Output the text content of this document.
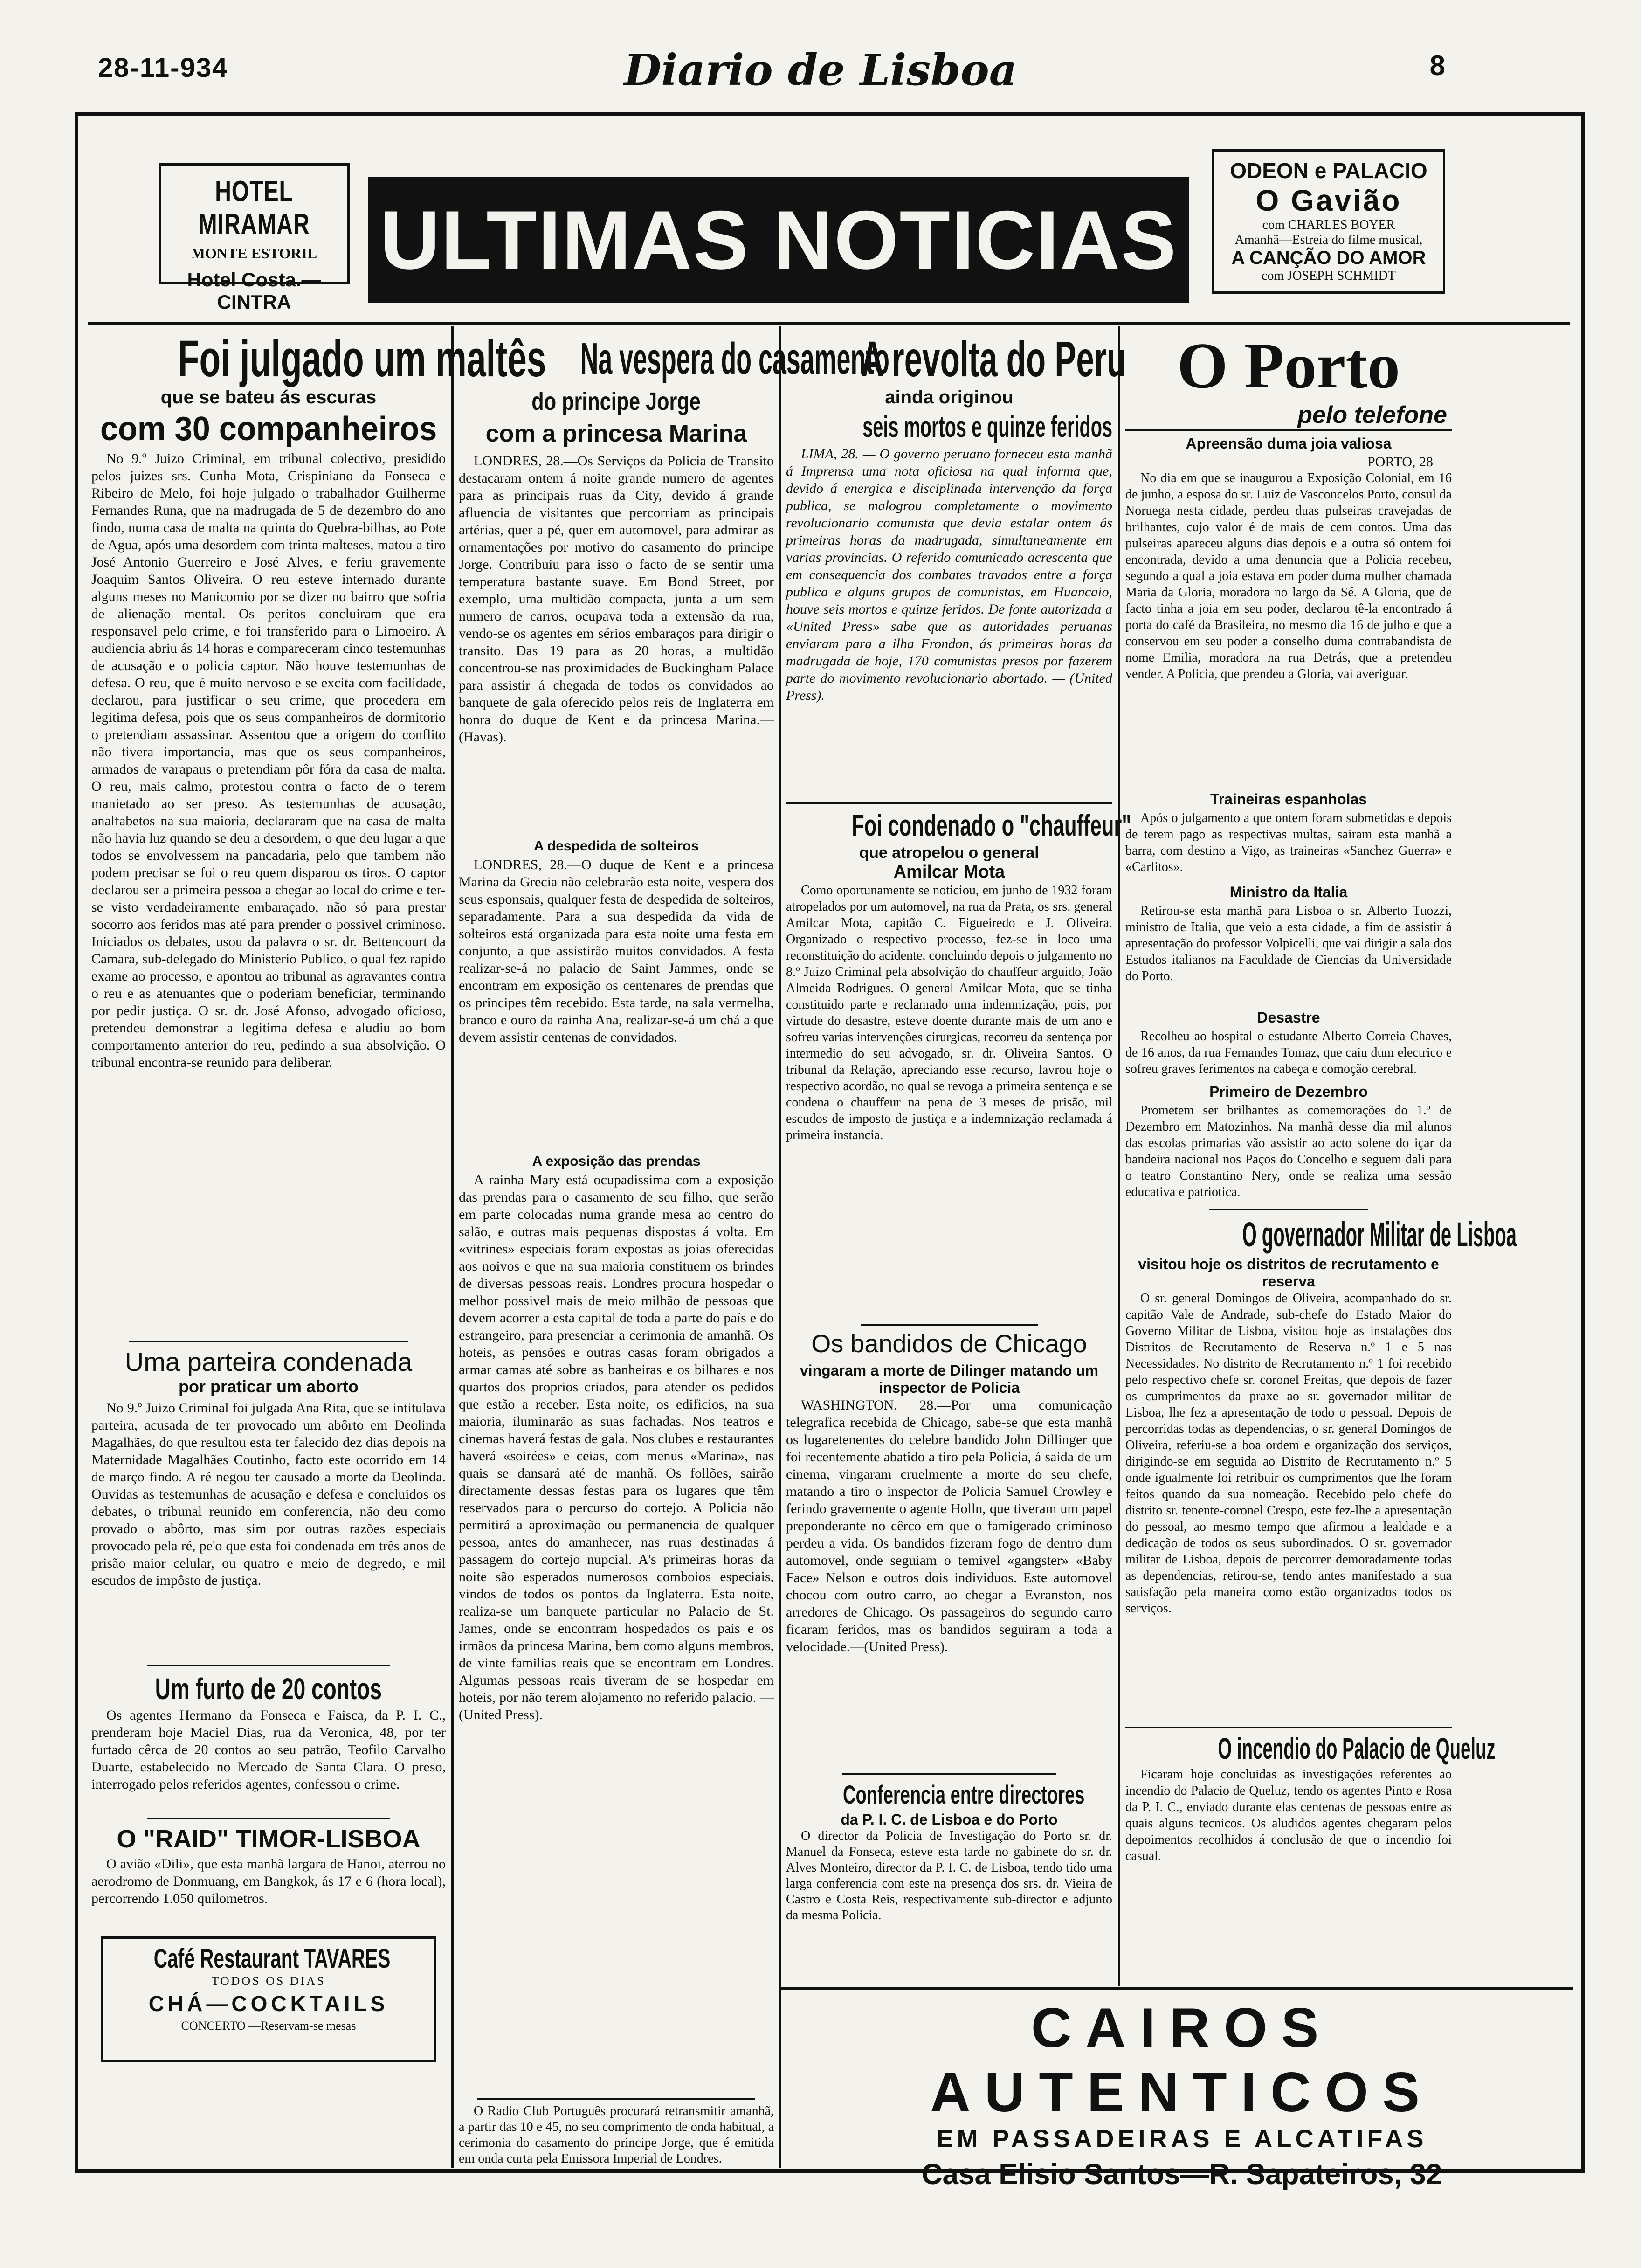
28-11-934	Diario de Lisboa	8
HOTEL MIRAMAR
MONTE ESTORIL
Hotel Costa.—CINTRA
ULTIMAS NOTICIAS
ODEON e PALACIO
O Gavião
com CHARLES BOYER
Amanhã—Estreia do filme musical,
A CANÇÃO DO AMOR
com JOSEPH SCHMIDT
Foi julgado um maltês
que se bateu ás escuras
com 30 companheiros
No 9.º Juizo Criminal, em tribunal colectivo, presidido pelos juizes srs. Cunha Mota, Crispiniano da Fonseca e Ribeiro de Melo, foi hoje julgado o trabalhador Guilherme Fernandes Runa, que na madrugada de 5 de dezembro do ano findo, numa casa de malta na quinta do Quebra-bilhas, ao Pote de Agua, após uma desordem com trinta malteses, matou a tiro José Antonio Guerreiro e José Alves, e feriu gravemente Joaquim Santos Oliveira. O reu esteve internado durante alguns meses no Manicomio por se dizer no bairro que sofria de alienação mental. Os peritos concluiram que era responsavel pelo crime, e foi transferido para o Limoeiro. A audiencia abriu ás 14 horas e compareceram cinco testemunhas de acusação e o policia captor. Não houve testemunhas de defesa. O reu, que é muito nervoso e se excita com facilidade, declarou, para justificar o seu crime, que procedera em legitima defesa, pois que os seus companheiros de dormitorio o pretendiam assassinar. Assentou que a origem do conflito não tivera importancia, mas que os seus companheiros, armados de varapaus o pretendiam pôr fóra da casa de malta. O reu, mais calmo, protestou contra o facto de o terem manietado ao ser preso. As testemunhas de acusação, analfabetos na sua maioria, declararam que na casa de malta não havia luz quando se deu a desordem, o que deu lugar a que todos se envolvessem na pancadaria, pelo que tambem não podem precisar se foi o reu quem disparou os tiros. O captor declarou ser a primeira pessoa a chegar ao local do crime e ter-se visto verdadeiramente embaraçado, não só para prestar socorro aos feridos mas até para prender o possivel criminoso. Iniciados os debates, usou da palavra o sr. dr. Bettencourt da Camara, sub-delegado do Ministerio Publico, o qual fez rapido exame ao processo, e apontou ao tribunal as agravantes contra o reu e as atenuantes que o poderiam beneficiar, terminando por pedir justiça. O sr. dr. José Afonso, advogado oficioso, pretendeu demonstrar a legitima defesa e aludiu ao bom comportamento anterior do reu, pedindo a sua absolvição. O tribunal encontra-se reunido para deliberar.
Uma parteira condenada
por praticar um aborto
No 9.º Juizo Criminal foi julgada Ana Rita, que se intitulava parteira, acusada de ter provocado um abôrto em Deolinda Magalhães, do que resultou esta ter falecido dez dias depois na Maternidade Magalhães Coutinho, facto este ocorrido em 14 de março findo. A ré negou ter causado a morte da Deolinda. Ouvidas as testemunhas de acusação e defesa e concluidos os debates, o tribunal reunido em conferencia, não deu como provado o abôrto, mas sim por outras razões especiais provocado pela ré, pe'o que esta foi condenada em três anos de prisão maior celular, ou quatro e meio de degredo, e mil escudos de impôsto de justiça.
Um furto de 20 contos
Os agentes Hermano da Fonseca e Faisca, da P. I. C., prenderam hoje Maciel Dias, rua da Veronica, 48, por ter furtado cêrca de 20 contos ao seu patrão, Teofilo Carvalho Duarte, estabelecido no Mercado de Santa Clara. O preso, interrogado pelos referidos agentes, confessou o crime.
O "RAID" TIMOR-LISBOA
O avião «Dili», que esta manhã largara de Hanoi, aterrou no aerodromo de Donmuang, em Bangkok, ás 17 e 6 (hora local), percorrendo 1.050 quilometros.
Café Restaurant TAVARES
TODOS OS DIAS
CHÁ—COCKTAILS
CONCERTO —Reservam-se mesas
Na vespera do casamento
do principe Jorge
com a princesa Marina
LONDRES, 28.—Os Serviços da Policia de Transito destacaram ontem á noite grande numero de agentes para as principais ruas da City, devido á grande afluencia de visitantes que percorriam as principais artérias, quer a pé, quer em automovel, para admirar as ornamentações por motivo do casamento do principe Jorge. Contribuiu para isso o facto de se sentir uma temperatura bastante suave. Em Bond Street, por exemplo, uma multidão compacta, junta a um sem numero de carros, ocupava toda a extensão da rua, vendo-se os agentes em sérios embaraços para dirigir o transito. Das 19 para as 20 horas, a multidão concentrou-se nas proximidades de Buckingham Palace para assistir á chegada de todos os convidados ao banquete de gala oferecido pelos reis de Inglaterra em honra do duque de Kent e da princesa Marina.—(Havas).
A despedida de solteiros
LONDRES, 28.—O duque de Kent e a princesa Marina da Grecia não celebrarão esta noite, vespera dos seus esponsais, qualquer festa de despedida de solteiros, separadamente. Para a sua despedida da vida de solteiros está organizada para esta noite uma festa em conjunto, a que assistirão muitos convidados. A festa realizar-se-á no palacio de Saint Jammes, onde se encontram em exposição os centenares de prendas que os principes têm recebido. Esta tarde, na sala vermelha, branco e ouro da rainha Ana, realizar-se-á um chá a que devem assistir centenas de convidados.
A exposição das prendas
A rainha Mary está ocupadissima com a exposição das prendas para o casamento de seu filho, que serão em parte colocadas numa grande mesa ao centro do salão, e outras mais pequenas dispostas á volta. Em «vitrines» especiais foram expostas as joias oferecidas aos noivos e que na sua maioria constituem os brindes de diversas pessoas reais. Londres procura hospedar o melhor possivel mais de meio milhão de pessoas que devem acorrer a esta capital de toda a parte do país e do estrangeiro, para presenciar a cerimonia de amanhã. Os hoteis, as pensões e outras casas foram obrigados a armar camas até sobre as banheiras e os bilhares e nos quartos dos proprios criados, para atender os pedidos que estão a receber. Esta noite, os edificios, na sua maioria, iluminarão as suas fachadas. Nos teatros e cinemas haverá festas de gala. Nos clubes e restaurantes haverá «soirées» e ceias, com menus «Marina», nas quais se dansará até de manhã. Os follões, sairão directamente dessas festas para os lugares que têm reservados para o percurso do cortejo. A Policia não permitirá a aproximação ou permanencia de qualquer pessoa, antes do amanhecer, nas ruas destinadas á passagem do cortejo nupcial. A's primeiras horas da noite são esperados numerosos comboios especiais, vindos de todos os pontos da Inglaterra. Esta noite, realiza-se um banquete particular no Palacio de St. James, onde se encontram hospedados os pais e os irmãos da princesa Marina, bem como alguns membros, de vinte familias reais que se encontram em Londres. Algumas pessoas reais tiveram de se hospedar em hoteis, por não terem alojamento no referido palacio. — (United Press).
O Radio Club Português procurará retransmitir amanhã, a partir das 10 e 45, no seu comprimento de onda habitual, a cerimonia do casamento do principe Jorge, que é emitida em onda curta pela Emissora Imperial de Londres.
A revolta do Peru
ainda originou
seis mortos e quinze feridos
LIMA, 28. — O governo peruano forneceu esta manhã á Imprensa uma nota oficiosa na qual informa que, devido á energica e disciplinada intervenção da força publica, se malogrou completamente o movimento revolucionario comunista que devia estalar ontem ás primeiras horas da madrugada, simultaneamente em varias provincias. O referido comunicado acrescenta que em consequencia dos combates travados entre a força publica e alguns grupos de comunistas, em Huancaio, houve seis mortos e quinze feridos. De fonte autorizada a «United Press» sabe que as autoridades peruanas enviaram para a ilha Frondon, ás primeiras horas da madrugada de hoje, 170 comunistas presos por fazerem parte do movimento revolucionario abortado. — (United Press).
Foi condenado o "chauffeur"
que atropelou o general
Amilcar Mota
Como oportunamente se noticiou, em junho de 1932 foram atropelados por um automovel, na rua da Prata, os srs. general Amilcar Mota, capitão C. Figueiredo e J. Oliveira. Organizado o respectivo processo, fez-se in loco uma reconstituição do acidente, concluindo depois o julgamento no 8.º Juizo Criminal pela absolvição do chauffeur arguido, João Almeida Rodrigues. O general Amilcar Mota, que se tinha constituido parte e reclamado uma indemnização, pois, por virtude do desastre, esteve doente durante mais de um ano e sofreu varias intervenções cirurgicas, recorreu da sentença por intermedio do seu advogado, sr. dr. Oliveira Santos. O tribunal da Relação, apreciando esse recurso, lavrou hoje o respectivo acordão, no qual se revoga a primeira sentença e se condena o chauffeur na pena de 3 meses de prisão, mil escudos de imposto de justiça e a indemnização reclamada á primeira instancia.
Os bandidos de Chicago
vingaram a morte de Dilinger matando um inspector de Policia
WASHINGTON, 28.—Por uma comunicação telegrafica recebida de Chicago, sabe-se que esta manhã os lugaretenentes do celebre bandido John Dillinger que foi recentemente abatido a tiro pela Policia, á saida de um cinema, vingaram cruelmente a morte do seu chefe, matando a tiro o inspector de Policia Samuel Crowley e ferindo gravemente o agente Holln, que tiveram um papel preponderante no cêrco em que o famigerado criminoso perdeu a vida. Os bandidos fizeram fogo de dentro dum automovel, onde seguiam o temivel «gangster» «Baby Face» Nelson e outros dois individuos. Este automovel chocou com outro carro, ao chegar a Evranston, nos arredores de Chicago. Os passageiros do segundo carro ficaram feridos, mas os bandidos seguiram a toda a velocidade.—(United Press).
Conferencia entre directores
da P. I. C. de Lisboa e do Porto
O director da Policia de Investigação do Porto sr. dr. Manuel da Fonseca, esteve esta tarde no gabinete do sr. dr. Alves Monteiro, director da P. I. C. de Lisboa, tendo tido uma larga conferencia com este na presença dos srs. dr. Vieira de Castro e Costa Reis, respectivamente sub-director e adjunto da mesma Policia.
O Porto
pelo telefone
Apreensão duma joia valiosa
PORTO, 28
No dia em que se inaugurou a Exposição Colonial, em 16 de junho, a esposa do sr. Luiz de Vasconcelos Porto, consul da Noruega nesta cidade, perdeu duas pulseiras cravejadas de brilhantes, cujo valor é de mais de cem contos. Uma das pulseiras apareceu alguns dias depois e a outra só ontem foi encontrada, devido a uma denuncia que a Policia recebeu, segundo a qual a joia estava em poder duma mulher chamada Maria da Gloria, moradora no largo da Sé. A Gloria, que de facto tinha a joia em seu poder, declarou tê-la encontrado á porta do café da Brasileira, no mesmo dia 16 de julho e que a conservou em seu poder a conselho duma contrabandista de nome Emilia, moradora na rua Detrás, que a pretendeu vender. A Policia, que prendeu a Gloria, vai averiguar.
Traineiras espanholas
Após o julgamento a que ontem foram submetidas e depois de terem pago as respectivas multas, sairam esta manhã a barra, com destino a Vigo, as traineiras «Sanchez Guerra» e «Carlitos».
Ministro da Italia
Retirou-se esta manhã para Lisboa o sr. Alberto Tuozzi, ministro de Italia, que veio a esta cidade, a fim de assistir á apresentação do professor Volpicelli, que vai dirigir a sala dos Estudos italianos na Faculdade de Ciencias da Universidade do Porto.
Desastre
Recolheu ao hospital o estudante Alberto Correia Chaves, de 16 anos, da rua Fernandes Tomaz, que caiu dum electrico e sofreu graves ferimentos na cabeça e comoção cerebral.
Primeiro de Dezembro
Prometem ser brilhantes as comemorações do 1.º de Dezembro em Matozinhos. Na manhã desse dia mil alunos das escolas primarias vão assistir ao acto solene do içar da bandeira nacional nos Paços do Concelho e seguem dali para o teatro Constantino Nery, onde se realiza uma sessão educativa e patriotica.
O governador Militar de Lisboa
visitou hoje os distritos de recrutamento e reserva
O sr. general Domingos de Oliveira, acompanhado do sr. capitão Vale de Andrade, sub-chefe do Estado Maior do Governo Militar de Lisboa, visitou hoje as instalações dos Distritos de Recrutamento de Reserva n.º 1 e 5 nas Necessidades. No distrito de Recrutamento n.º 1 foi recebido pelo respectivo chefe sr. coronel Freitas, que depois de fazer os cumprimentos da praxe ao sr. governador militar de Lisboa, lhe fez a apresentação de todo o pessoal. Depois de percorridas todas as dependencias, o sr. general Domingos de Oliveira, referiu-se a boa ordem e organização dos serviços, dirigindo-se em seguida ao Distrito de Recrutamento n.º 5 onde igualmente foi retribuir os cumprimentos que lhe foram feitos quando da sua nomeação. Recebido pelo chefe do distrito sr. tenente-coronel Crespo, este fez-lhe a apresentação do pessoal, ao mesmo tempo que afirmou a lealdade e a dedicação de todos os seus subordinados. O sr. governador militar de Lisboa, depois de percorrer demoradamente todas as dependencias, retirou-se, tendo antes manifestado a sua satisfação pela maneira como estão organizados todos os serviços.
O incendio do Palacio de Queluz
Ficaram hoje concluidas as investigações referentes ao incendio do Palacio de Queluz, tendo os agentes Pinto e Rosa da P. I. C., enviado durante elas centenas de pessoas entre as quais alguns tecnicos. Os aludidos agentes chegaram pelos depoimentos recolhidos á conclusão de que o incendio foi casual.
CAIROS AUTENTICOS
EM PASSADEIRAS E ALCATIFAS
Casa Elisio Santos—R. Sapateiros, 32
